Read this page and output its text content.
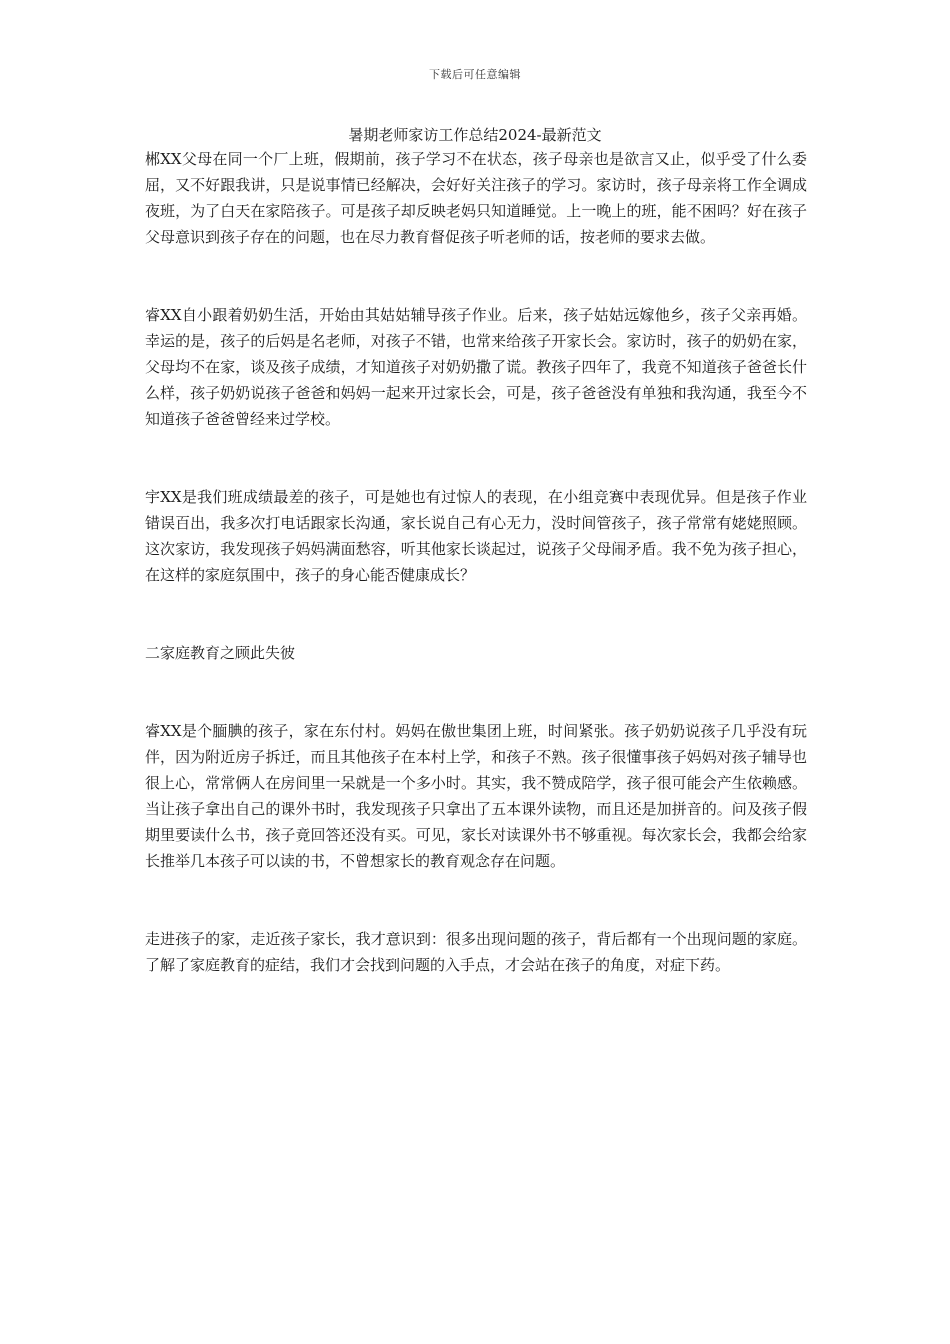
下载后可任意编辑
暑期老师家访工作总结2024-最新范文

郴XX父母在同一个厂上班，假期前，孩子学习不在状态，孩子母亲也是欲言又止，似乎受了什么委屈，又不好跟我讲，只是说事情已经解决，会好好关注孩子的学习。家访时，孩子母亲将工作全调成夜班，为了白天在家陪孩子。可是孩子却反映老妈只知道睡觉。上一晚上的班，能不困吗？好在孩子父母意识到孩子存在的问题，也在尽力教育督促孩子听老师的话，按老师的要求去做。

睿XX自小跟着奶奶生活，开始由其姑姑辅导孩子作业。后来，孩子姑姑远嫁他乡，孩子父亲再婚。幸运的是，孩子的后妈是名老师，对孩子不错，也常来给孩子开家长会。家访时，孩子的奶奶在家，父母均不在家，谈及孩子成绩，才知道孩子对奶奶撒了谎。教孩子四年了，我竟不知道孩子爸爸长什么样，孩子奶奶说孩子爸爸和妈妈一起来开过家长会，可是，孩子爸爸没有单独和我沟通，我至今不知道孩子爸爸曾经来过学校。

宇XX是我们班成绩最差的孩子，可是她也有过惊人的表现，在小组竞赛中表现优异。但是孩子作业错误百出，我多次打电话跟家长沟通，家长说自己有心无力，没时间管孩子，孩子常常有姥姥照顾。这次家访，我发现孩子妈妈满面愁容，听其他家长谈起过，说孩子父母闹矛盾。我不免为孩子担心，在这样的家庭氛围中，孩子的身心能否健康成长？

二家庭教育之顾此失彼

睿XX是个腼腆的孩子，家在东付村。妈妈在傲世集团上班，时间紧张。孩子奶奶说孩子几乎没有玩伴，因为附近房子拆迁，而且其他孩子在本村上学，和孩子不熟。孩子很懂事孩子妈妈对孩子辅导也很上心，常常俩人在房间里一呆就是一个多小时。其实，我不赞成陪学，孩子很可能会产生依赖感。当让孩子拿出自己的课外书时，我发现孩子只拿出了五本课外读物，而且还是加拼音的。问及孩子假期里要读什么书，孩子竟回答还没有买。可见，家长对读课外书不够重视。每次家长会，我都会给家长推举几本孩子可以读的书，不曾想家长的教育观念存在问题。

走进孩子的家，走近孩子家长，我才意识到：很多出现问题的孩子，背后都有一个出现问题的家庭。了解了家庭教育的症结，我们才会找到问题的入手点，才会站在孩子的角度，对症下药。
